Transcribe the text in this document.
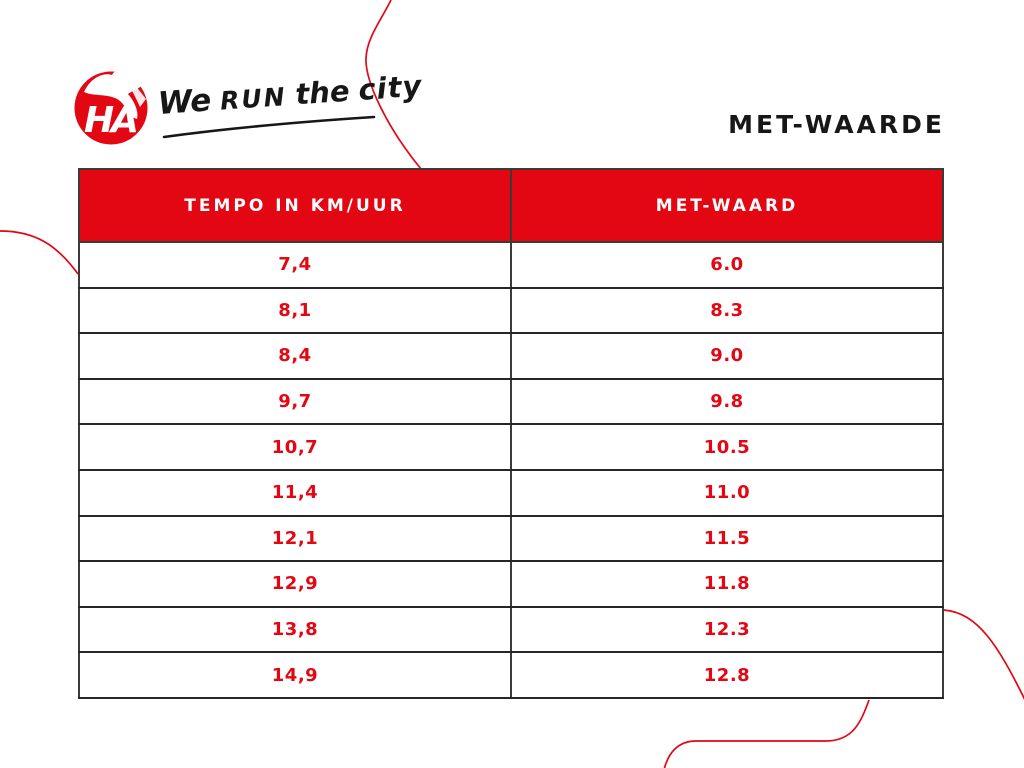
HA We RUN the city
MET-WAARDE
TEMPO IN KM/UUR	MET-WAARD
7,4	6.0
8,1	8.3
8,4	9.0
9,7	9.8
10,7	10.5
11,4	11.0
12,1	11.5
12,9	11.8
13,8	12.3
14,9	12.8
